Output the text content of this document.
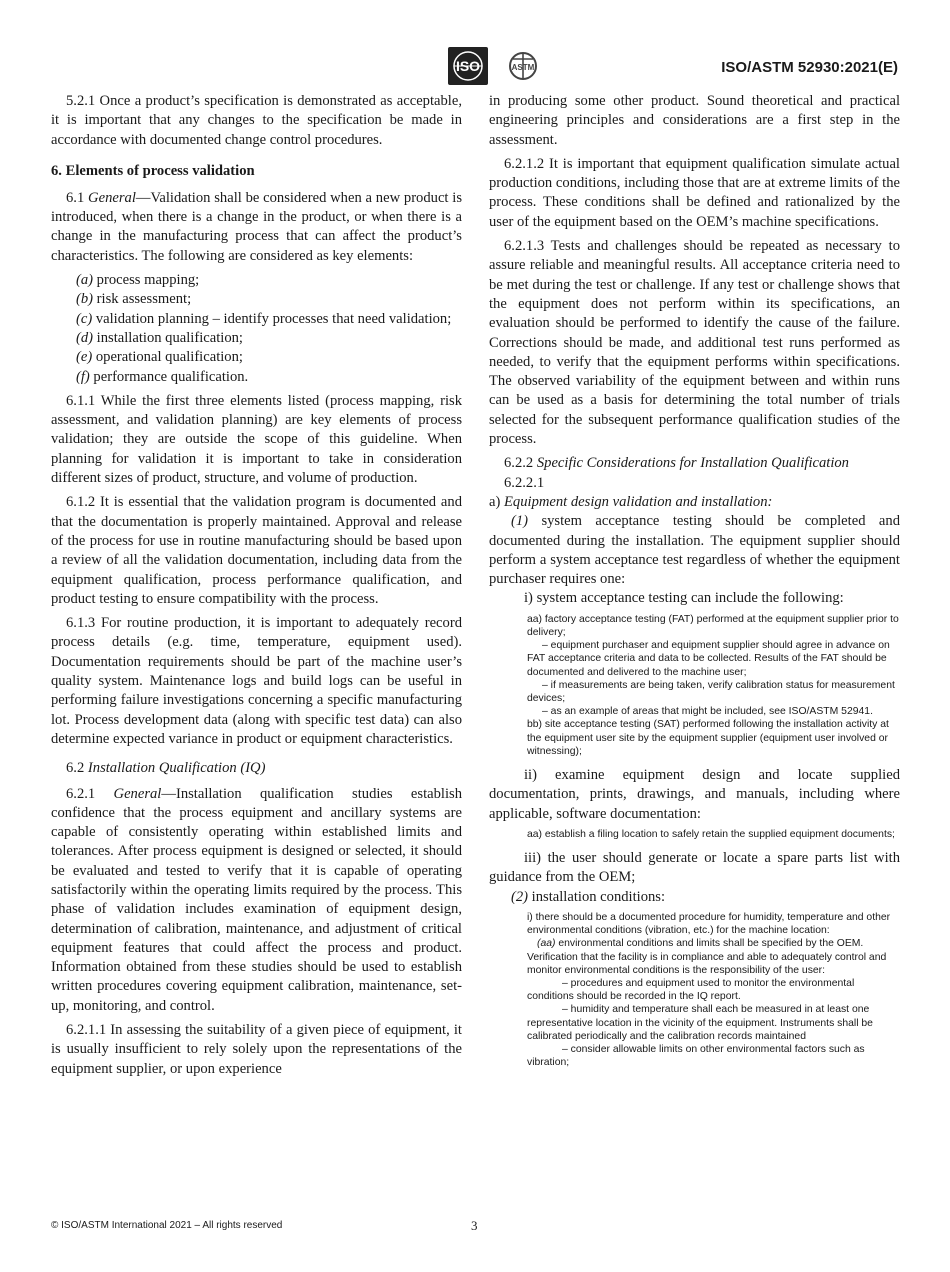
ISO	ASTM	ISO/ASTM 52930:2021(E)

5.2.1 Once a product’s specification is demonstrated as acceptable, it is important that any changes to the specification be made in accordance with documented change control procedures.

6. Elements of process validation

6.1 General—Validation shall be considered when a new product is introduced, when there is a change in the product, or when there is a change in the manufacturing process that can affect the product’s characteristics. The following are considered as key elements:

(a) process mapping;
(b) risk assessment;
(c) validation planning – identify processes that need validation;
(d) installation qualification;
(e) operational qualification;
(f) performance qualification.

6.1.1 While the first three elements listed (process mapping, risk assessment, and validation planning) are key elements of process validation; they are outside the scope of this guideline. When planning for validation it is important to take in consideration different sizes of product, structure, and volume of production.

6.1.2 It is essential that the validation program is documented and that the documentation is properly maintained. Approval and release of the process for use in routine manufacturing should be based upon a review of all the validation documentation, including data from the equipment qualification, process performance qualification, and product testing to ensure compatibility with the process.

6.1.3 For routine production, it is important to adequately record process details (e.g. time, temperature, equipment used). Documentation requirements should be part of the machine user’s quality system. Maintenance logs and build logs can be useful in performing failure investigations concerning a specific manufacturing lot. Process development data (along with specific test data) can also determine expected variance in product or equipment characteristics.

6.2 Installation Qualification (IQ)

6.2.1 General—Installation qualification studies establish confidence that the process equipment and ancillary systems are capable of consistently operating within established limits and tolerances. After process equipment is designed or selected, it should be evaluated and tested to verify that it is capable of operating satisfactorily within the operating limits required by the process. This phase of validation includes examination of equipment design, determination of calibration, maintenance, and adjustment of critical equipment features that could affect the process and product. Information obtained from these studies should be used to establish written procedures covering equipment calibration, maintenance, set-up, monitoring, and control.

6.2.1.1 In assessing the suitability of a given piece of equipment, it is usually insufficient to rely solely upon the representations of the equipment supplier, or upon experience

in producing some other product. Sound theoretical and practical engineering principles and considerations are a first step in the assessment.

6.2.1.2 It is important that equipment qualification simulate actual production conditions, including those that are at extreme limits of the process. These conditions shall be defined and rationalized by the user of the equipment based on the OEM’s machine specifications.

6.2.1.3 Tests and challenges should be repeated as necessary to assure reliable and meaningful results. All acceptance criteria need to be met during the test or challenge. If any test or challenge shows that the equipment does not perform within its specifications, an evaluation should be performed to identify the cause of the failure. Corrections should be made, and additional test runs performed as needed, to verify that the equipment performs within specifications. The observed variability of the equipment between and within runs can be used as a basis for determining the total number of trials selected for the subsequent performance qualification studies of the process.

6.2.2 Specific Considerations for Installation Qualification

6.2.2.1

a) Equipment design validation and installation:

(1) system acceptance testing should be completed and documented during the installation. The equipment supplier should perform a system acceptance test regardless of whether the equipment purchaser requires one:

i) system acceptance testing can include the following:

aa) factory acceptance testing (FAT) performed at the equipment supplier prior to delivery;
– equipment purchaser and equipment supplier should agree in advance on FAT acceptance criteria and data to be collected. Results of the FAT should be documented and delivered to the machine user;
– if measurements are being taken, verify calibration status for measurement devices;
– as an example of areas that might be included, see ISO/ASTM 52941.
bb) site acceptance testing (SAT) performed following the installation activity at the equipment user site by the equipment supplier (equipment user involved or witnessing);

ii) examine equipment design and locate supplied documentation, prints, drawings, and manuals, including where applicable, software documentation:

aa) establish a filing location to safely retain the supplied equipment documents;

iii) the user should generate or locate a spare parts list with guidance from the OEM;

(2) installation conditions:

i) there should be a documented procedure for humidity, temperature and other environmental conditions (vibration, etc.) for the machine location:
(aa) environmental conditions and limits shall be specified by the OEM. Verification that the facility is in compliance and able to adequately control and monitor environmental conditions is the responsibility of the user:
– procedures and equipment used to monitor the environmental conditions should be recorded in the IQ report.
– humidity and temperature shall each be measured in at least one representative location in the vicinity of the equipment. Instruments shall be calibrated periodically and the calibration records maintained
– consider allowable limits on other environmental factors such as vibration;
© ISO/ASTM International 2021 – All rights reserved	3
